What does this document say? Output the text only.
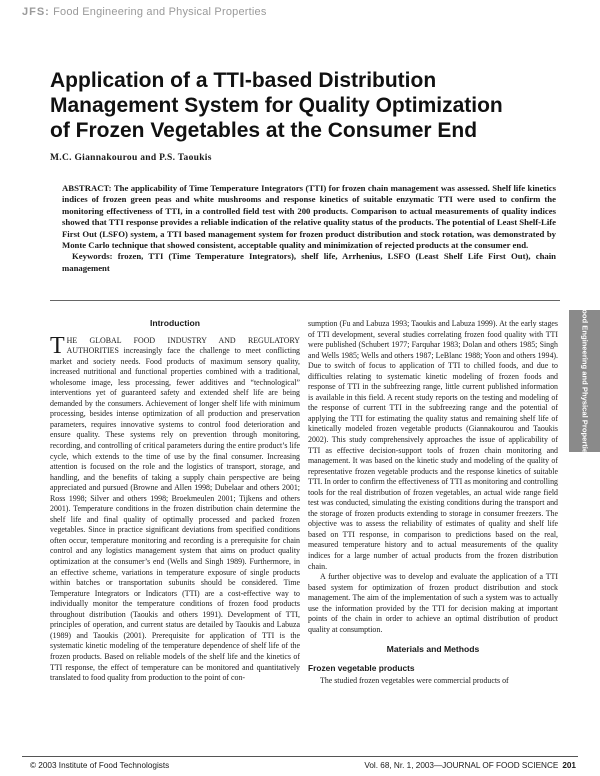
JFS: Food Engineering and Physical Properties
Application of a TTI-based Distribution
Management System for Quality Optimization
of Frozen Vegetables at the Consumer End
M.C. Giannakourou and P.S. Taoukis
ABSTRACT: The applicability of Time Temperature Integrators (TTI) for frozen chain management was assessed. Shelf life kinetics indices of frozen green peas and white mushrooms and response kinetics of suitable enzymatic TTI were used to confirm the monitoring effectiveness of TTI, in a controlled field test with 200 products. Comparison to actual measurements of quality indices showed that TTI response provides a reliable indication of the relative quality status of the products. The potential of Least Shelf-Life First Out (LSFO) system, a TTI based management system for frozen product distribution and stock rotation, was demonstrated by Monte Carlo technique that showed consistent, acceptable quality and minimization of rejected products at the consumer end.
Keywords: frozen, TTI (Time Temperature Integrators), shelf life, Arrhenius, LSFO (Least Shelf Life First Out), chain management
Introduction

THE GLOBAL FOOD INDUSTRY AND REGULATORY AUTHORITIES increasingly face the challenge to meet conflicting market and society needs. Food products of maximum sensory quality, increased nutritional and functional properties combined with a traditional, wholesome image, less processing, fewer additives and “technological” interventions yet of guaranteed safety and extended shelf life are being demanded by the consumers. Achievement of longer shelf life with minimum processing, besides intense optimization of all production and preservation parameters, requires innovative systems to control food deterioration and ensure quality. These systems rely on prevention through monitoring, recording, and controlling of critical parameters during the entire product’s life cycle, which extends to the time of use by the final consumer. Increasing attention is focused on the role and the logistics of transport, storage, and handling, and the benefits of taking a supply chain perspective are being appreciated and pursued (Browne and Allen 1998; Dubelaar and others 2001; Ross 1998; Silver and others 1998; Broekmeulen 2001; Tijkens and others 2001). Temperature conditions in the frozen distribution chain determine the shelf life and final quality of optimally processed and packed frozen vegetables. Since in practice significant deviations from specified conditions often occur, temperature monitoring and recording is a prerequisite for chain control and any logistics management system that aims on product quality optimization at the consumer’s end (Wells and Singh 1989). Furthermore, in an effective scheme, variations in temperature exposure of single products within batches or transportation subunits should be considered. Time Temperature Integrators or Indicators (TTI) are a cost-effective way to individually monitor the temperature conditions of frozen food products throughout distribution (Taoukis and others 1991). Development of TTI, principles of operation, and current status are detailed by Taoukis and Labuza (1989) and Taoukis (2001). Prerequisite for application of TTI is the systematic kinetic modeling of the temperature dependence of shelf life of the frozen products. Based on reliable models of the shelf life and the kinetics of TTI response, the effect of temperature can be monitored and quantitatively translated to food quality from production to the point of con-

sumption (Fu and Labuza 1993; Taoukis and Labuza 1999). At the early stages of TTI development, several studies correlating frozen food quality with TTI were published (Schubert 1977; Farquhar 1983; Dolan and others 1985; Singh and Wells 1985; Wells and others 1987; LeBlanc 1988; Yoon and others 1994). Due to switch of focus to application of TTI to chilled foods, and due to difficulties relating to systematic kinetic modeling of frozen foods and response of TTI in the subfreezing range, little current published information is available in this field. A recent study reports on the testing and modeling of the response of current TTI in the subfreezing range and the potential of applying the TTI for estimating the quality status and remaining shelf life of kinetically modeled frozen vegetable products (Giannakourou and Taoukis 2002). This study comprehensively approaches the issue of applicability of TTI as effective decision-support tools of frozen chain monitoring and management. It was based on the kinetic study and modeling of the quality of representative frozen vegetable products and the response kinetics of suitable TTI. In order to confirm the effectiveness of TTI as monitoring and controlling tools for the real distribution of frozen vegetables, an actual wide range field test was conducted, simulating the existing conditions during the transport and the storage of frozen products extending to storage in consumer freezers. The objective was to assess the reliability of estimates of quality and shelf life based on TTI response, in comparison to predictions based on the real, measured temperature history and to actual measurements of the quality indices for a large number of actual products from the frozen distribution chain.

A further objective was to develop and evaluate the application of a TTI based system for optimization of frozen product distribution and stock management. The aim of the implementation of such a system was to actually use the information provided by the TTI for decision making at important points of the chain in order to achieve an optimal distribution of product quality at consumption.

Materials and Methods
Frozen vegetable products

The studied frozen vegetables were commercial products of

Food Engineering and Physical Properties
© 2003 Institute of Food Technologists	Vol. 68, Nr. 1, 2003—JOURNAL OF FOOD SCIENCE 201
